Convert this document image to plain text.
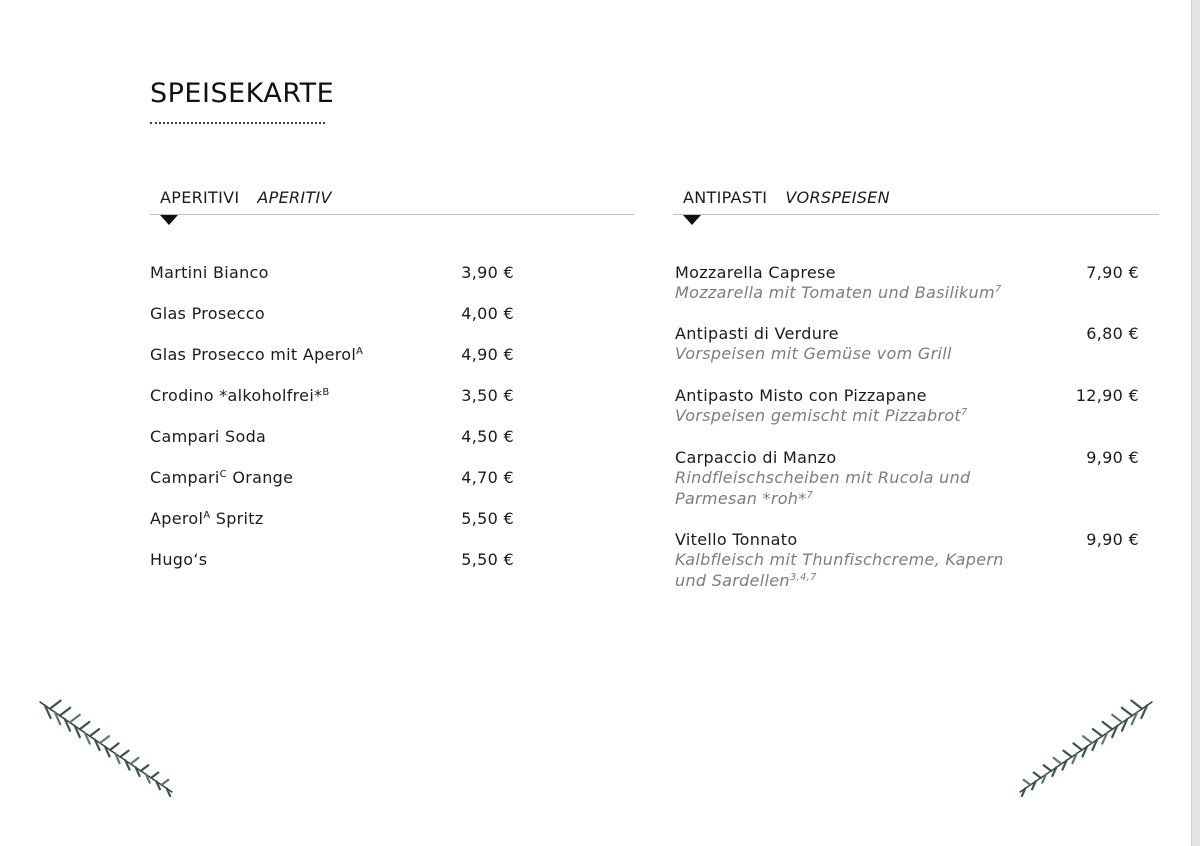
SPEISEKARTE
APERITIVI APERITIV
Martini Bianco	3,90 €
Glas Prosecco	4,00 €
Glas Prosecco mit Aperol$^A$	4,90 €
Crodino *alkoholfrei*$^B$	3,50 €
Campari Soda	4,50 €
Campari$^C$ Orange	4,70 €
Aperol$^A$ Spritz	5,50 €
Hugo‘s	5,50 €
ANTIPASTI VORSPEISEN
Mozzarella Caprese	7,90 €
Mozzarella mit Tomaten und Basilikum$^7$
Antipasti di Verdure	6,80 €
Vorspeisen mit Gemüse vom Grill
Antipasto Misto con Pizzapane	12,90 €
Vorspeisen gemischt mit Pizzabrot$^7$
Carpaccio di Manzo	9,90 €
Rindfleischscheiben mit Rucola und Parmesan *roh*$^7$
Vitello Tonnato	9,90 €
Kalbfleisch mit Thunfischcreme, Kapern und Sardellen$^{3,4,7}$
